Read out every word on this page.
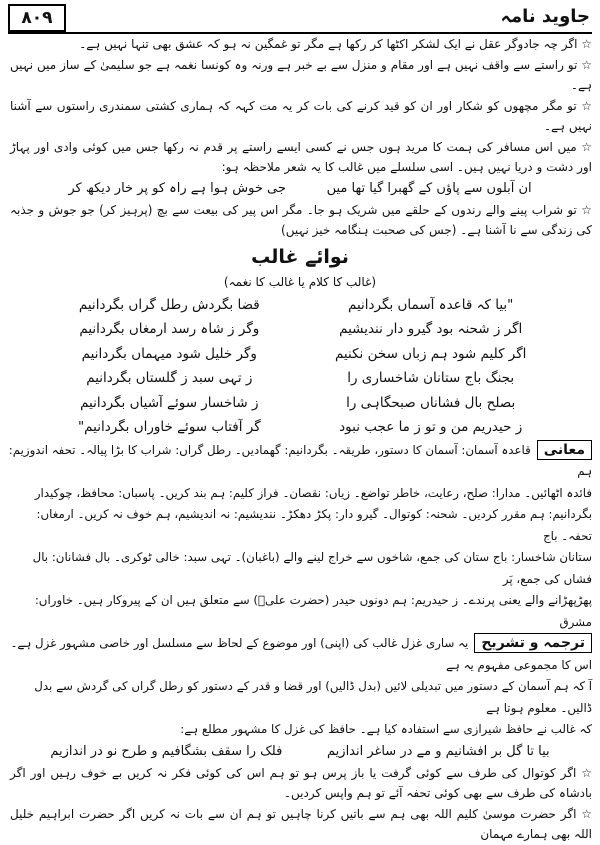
جاوید نامہ
۸۰۹

☆ اگر چہ جادوگر عقل نے ایک لشکر اکٹھا کر رکھا ہے مگر تو غمگین نہ ہو کہ عشق بھی تنہا نہیں ہے۔

☆ تو راستے سے واقف نہیں ہے اور مقام و منزل سے بے خبر ہے ورنہ وہ کونسا نغمہ ہے جو سلیمیٰ کے ساز میں نہیں ہے۔

☆ تو مگر مچھوں کو شکار اور ان کو قید کرنے کی بات کر یہ مت کہہ کہ ہماری کشتی سمندری راستوں سے آشنا نہیں ہے۔

☆ میں اس مسافر کی ہمت کا مرید ہوں جس نے کسی ایسے راستے پر قدم نہ رکھا جس میں کوئی وادی اور پہاڑ اور دشت و دریا نہیں ہیں۔ اسی سلسلے میں غالب کا یہ شعر ملاحظہ ہو:

ان آبلوں سے پاؤں کے گھبرا گیا تھا میں
جی خوش ہوا ہے راہ کو پر خار دیکھ کر

☆ تو شراب پینے والے رندوں کے حلقے میں شریک ہو جا۔ مگر اس پیر کی بیعت سے بچ (پرہیز کر) جو جوش و جذبہ کی زندگی سے نا آشنا ہے۔ (جس کی صحبت ہنگامہ خیز نہیں)

نوائے غالب
(غالب کا کلام یا غالب کا نغمہ)
"بیا کہ قاعدہ آسماں بگردانیم
قضا بگردش رطل گراں بگردانیم
اگر ز شحنہ بود گیرو دار نندیشیم
وگر ز شاہ رسد ارمغاں بگردانیم
اگر کلیم شود ہم زباں سخن نکنیم
وگر خلیل شود میہماں بگردانیم
بجنگ باج ستانان شاخساری را
ز تہی سبد ز گلستاں بگردانیم
بصلح بال فشاناں صبحگاہی را
ز شاخسار سوئے آشیاں بگردانیم
ز حیدریم من و تو ز ما عجب نبود
گر آفتاب سوئے خاوراں بگردانیم"

معانیقاعدہ آسمان: آسمان کا دستور، طریقہ۔ بگردانیم: گھمادیں۔ رطل گراں: شراب کا بڑا پیالہ۔ تحفہ اندوزیم: ہم

فائدہ اٹھائیں۔ مدارا: صلح، رعایت، خاطر تواضع۔ زیاں: نقصان۔ فراز کلیم: ہم بند کریں۔ پاسباں: محافظ، چوکیدار

بگردانیم: ہم مقرر کردیں۔ شحنہ: کوتوال۔ گیرو دار: پکڑ دھکڑ۔ نندیشیم: نہ اندیشیم، ہم خوف نہ کریں۔ ارمغاں: تحفہ۔ باج

ستانان شاخسار: باج ستان کی جمع، شاخوں سے خراج لینے والے (باغبان)۔ تہی سبد: خالی ٹوکری۔ بال فشانان: بال فشاں کی جمع، پَر

پھڑپھڑانے والے یعنی پرندے۔ ز حیدریم: ہم دونوں حیدر (حضرت علیؓ) سے متعلق ہیں ان کے پیروکار ہیں۔ خاوراں: مشرق

ترجمہ و تشریحیہ ساری غزل غالب کی (اپنی) اور موضوع کے لحاظ سے مسلسل اور خاصی مشہور غزل ہے۔ اس کا مجموعی مفہوم یہ ہے

آ کہ ہم آسمان کے دستور میں تبدیلی لائیں (بدل ڈالیں) اور قضا و قدر کے دستور کو رطل گراں کی گردش سے بدل ڈالیں۔ معلوم ہوتا ہے

کہ غالب نے حافظ شیرازی سے استفادہ کیا ہے۔ حافظ کی غزل کا مشہور مطلع ہے:

بیا تا گل بر افشانیم و مے در ساغر اندازیم
فلک را سقف بشگافیم و طرح نو در اندازیم

☆ اگر کوتوال کی طرف سے کوئی گرفت یا باز پرس ہو تو ہم اس کی کوئی فکر نہ کریں بے خوف رہیں اور اگر بادشاہ کی طرف سے بھی کوئی تحفہ آئے تو ہم واپس کردیں۔

☆ اگر حضرت موسیٰ کلیم اللہ بھی ہم سے باتیں کرنا چاہیں تو ہم ان سے بات نہ کریں اگر حضرت ابراہیم خلیل اللہ بھی ہمارے مہمان
